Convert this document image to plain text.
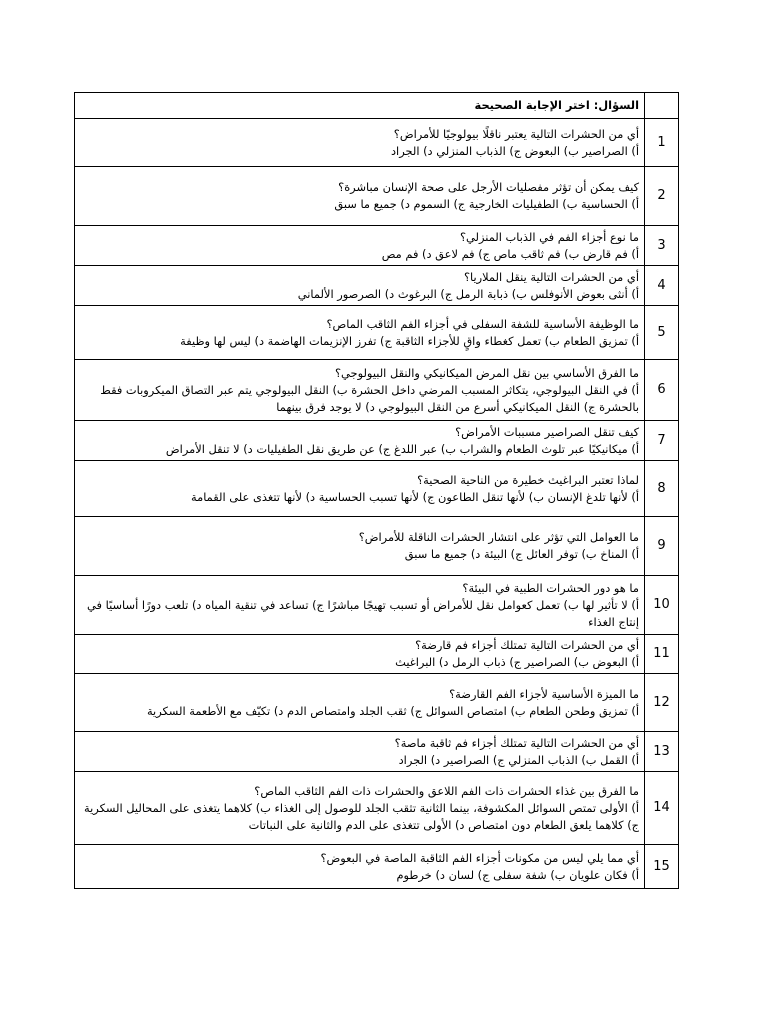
	السؤال: اختر الإجابة الصحيحة
1	أي من الحشرات التالية يعتبر ناقلًا بيولوجيًا للأمراض؟
أ) الصراصير ب) البعوض ج) الذباب المنزلي د) الجراد

2	كيف يمكن أن تؤثر مفصليات الأرجل على صحة الإنسان مباشرة؟
أ) الحساسية ب) الطفيليات الخارجية ج) السموم د) جميع ما سبق

3	ما نوع أجزاء الفم في الذباب المنزلي؟
أ) فم قارض ب) فم ثاقب ماص ج) فم لاعق د) فم مص

4	أي من الحشرات التالية ينقل الملاريا؟
أ) أنثى بعوض الأنوفلس ب) ذبابة الرمل ج) البرغوث د) الصرصور الألماني

5	ما الوظيفة الأساسية للشفة السفلى في أجزاء الفم الثاقب الماص؟
أ) تمزيق الطعام ب) تعمل كغطاء واقٍ للأجزاء الثاقبة ج) تفرز الإنزيمات الهاضمة د) ليس لها وظيفة

6	ما الفرق الأساسي بين نقل المرض الميكانيكي والنقل البيولوجي؟
أ) في النقل البيولوجي، يتكاثر المسبب المرضي داخل الحشرة ب) النقل البيولوجي يتم عبر التصاق الميكروبات فقط بالحشرة ج) النقل الميكانيكي أسرع من النقل البيولوجي د) لا يوجد فرق بينهما

7	كيف تنقل الصراصير مسببات الأمراض؟
أ) ميكانيكيًا عبر تلوث الطعام والشراب ب) عبر اللدغ ج) عن طريق نقل الطفيليات د) لا تنقل الأمراض

8	لماذا تعتبر البراغيث خطيرة من الناحية الصحية؟
أ) لأنها تلدغ الإنسان ب) لأنها تنقل الطاعون ج) لأنها تسبب الحساسية د) لأنها تتغذى على القمامة

9	ما العوامل التي تؤثر على انتشار الحشرات الناقلة للأمراض؟
أ) المناخ ب) توفر العائل ج) البيئة د) جميع ما سبق

10	ما هو دور الحشرات الطبية في البيئة؟
أ) لا تأثير لها ب) تعمل كعوامل نقل للأمراض أو تسبب تهيجًا مباشرًا ج) تساعد في تنقية المياه د) تلعب دورًا أساسيًا في إنتاج الغذاء

11	أي من الحشرات التالية تمتلك أجزاء فم قارضة؟
أ) البعوض ب) الصراصير ج) ذباب الرمل د) البراغيث

12	ما الميزة الأساسية لأجزاء الفم القارضة؟
أ) تمزيق وطحن الطعام ب) امتصاص السوائل ج) ثقب الجلد وامتصاص الدم د) تكيّف مع الأطعمة السكرية

13	أي من الحشرات التالية تمتلك أجزاء فم ثاقبة ماصة؟
أ) القمل ب) الذباب المنزلي ج) الصراصير د) الجراد

14	ما الفرق بين غذاء الحشرات ذات الفم اللاعق والحشرات ذات الفم الثاقب الماص؟
أ) الأولى تمتص السوائل المكشوفة، بينما الثانية تثقب الجلد للوصول إلى الغذاء ب) كلاهما يتغذى على المحاليل السكرية ج) كلاهما يلعق الطعام دون امتصاص د) الأولى تتغذى على الدم والثانية على النباتات

15	أي مما يلي ليس من مكونات أجزاء الفم الثاقبة الماصة في البعوض؟
أ) فكان علويان ب) شفة سفلى ج) لسان د) خرطوم
